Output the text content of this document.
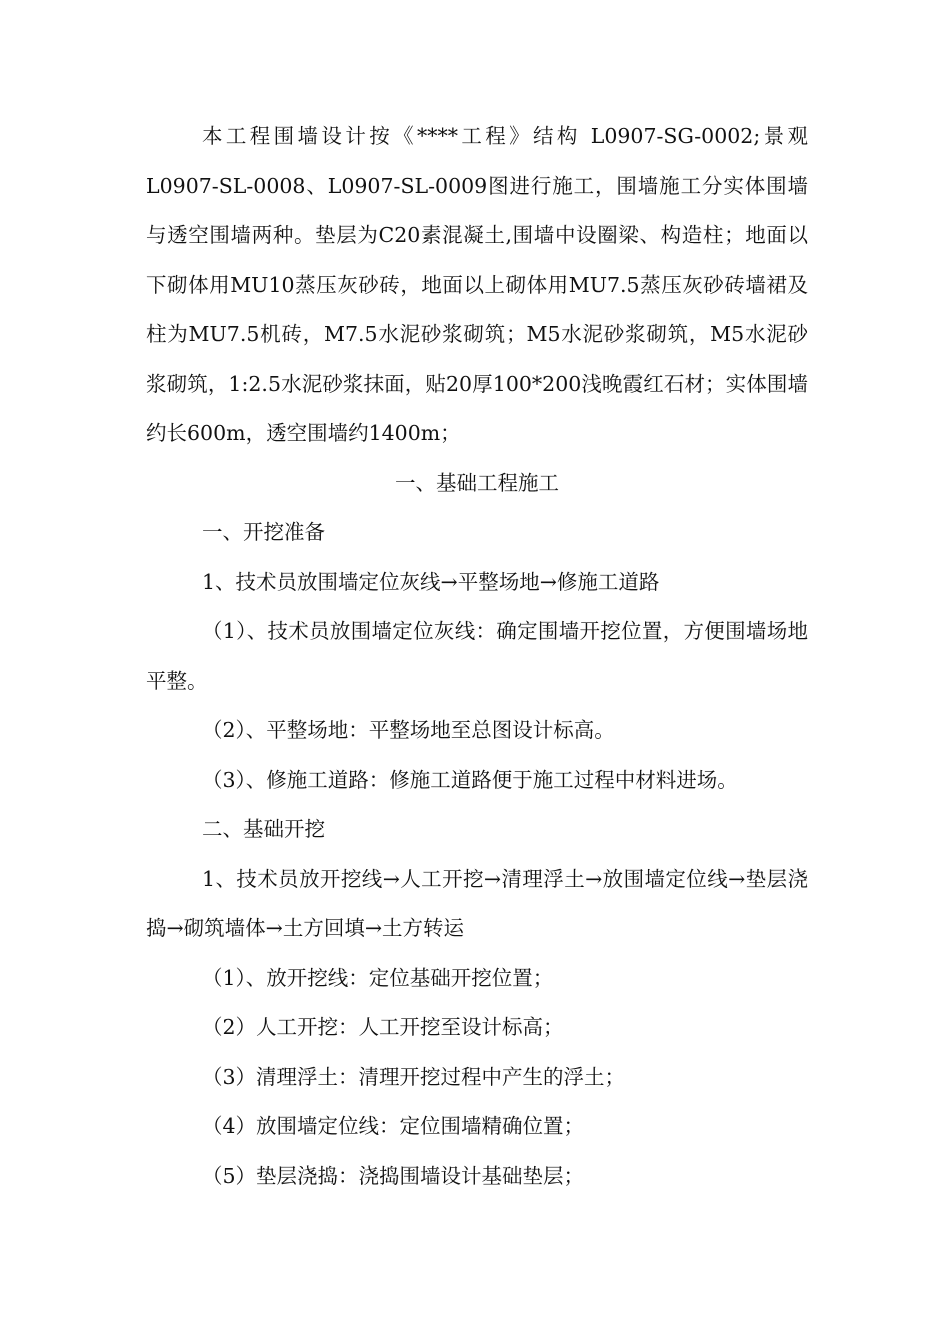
本工程围墙设计按《****工程》结构 L0907-SG-0002;景观L0907-SL-0008、L0907-SL-0009图进行施工，围墙施工分实体围墙与透空围墙两种。垫层为C20素混凝土,围墙中设圈梁、构造柱；地面以下砌体用MU10蒸压灰砂砖，地面以上砌体用MU7.5蒸压灰砂砖墙裙及柱为MU7.5机砖，M7.5水泥砂浆砌筑；M5水泥砂浆砌筑，M5水泥砂浆砌筑，1:2.5水泥砂浆抹面，贴20厚100*200浅晚霞红石材；实体围墙约长600m，透空围墙约1400m；

一、基础工程施工

一、开挖准备

1、技术员放围墙定位灰线→平整场地→修施工道路

（1）、技术员放围墙定位灰线：确定围墙开挖位置，方便围墙场地平整。

（2）、平整场地：平整场地至总图设计标高。

（3）、修施工道路：修施工道路便于施工过程中材料进场。

二、基础开挖

1、技术员放开挖线→人工开挖→清理浮土→放围墙定位线→垫层浇捣→砌筑墙体→土方回填→土方转运

（1）、放开挖线：定位基础开挖位置；

（2）人工开挖：人工开挖至设计标高；

（3）清理浮土：清理开挖过程中产生的浮土；

（4）放围墙定位线：定位围墙精确位置；

（5）垫层浇捣：浇捣围墙设计基础垫层；
